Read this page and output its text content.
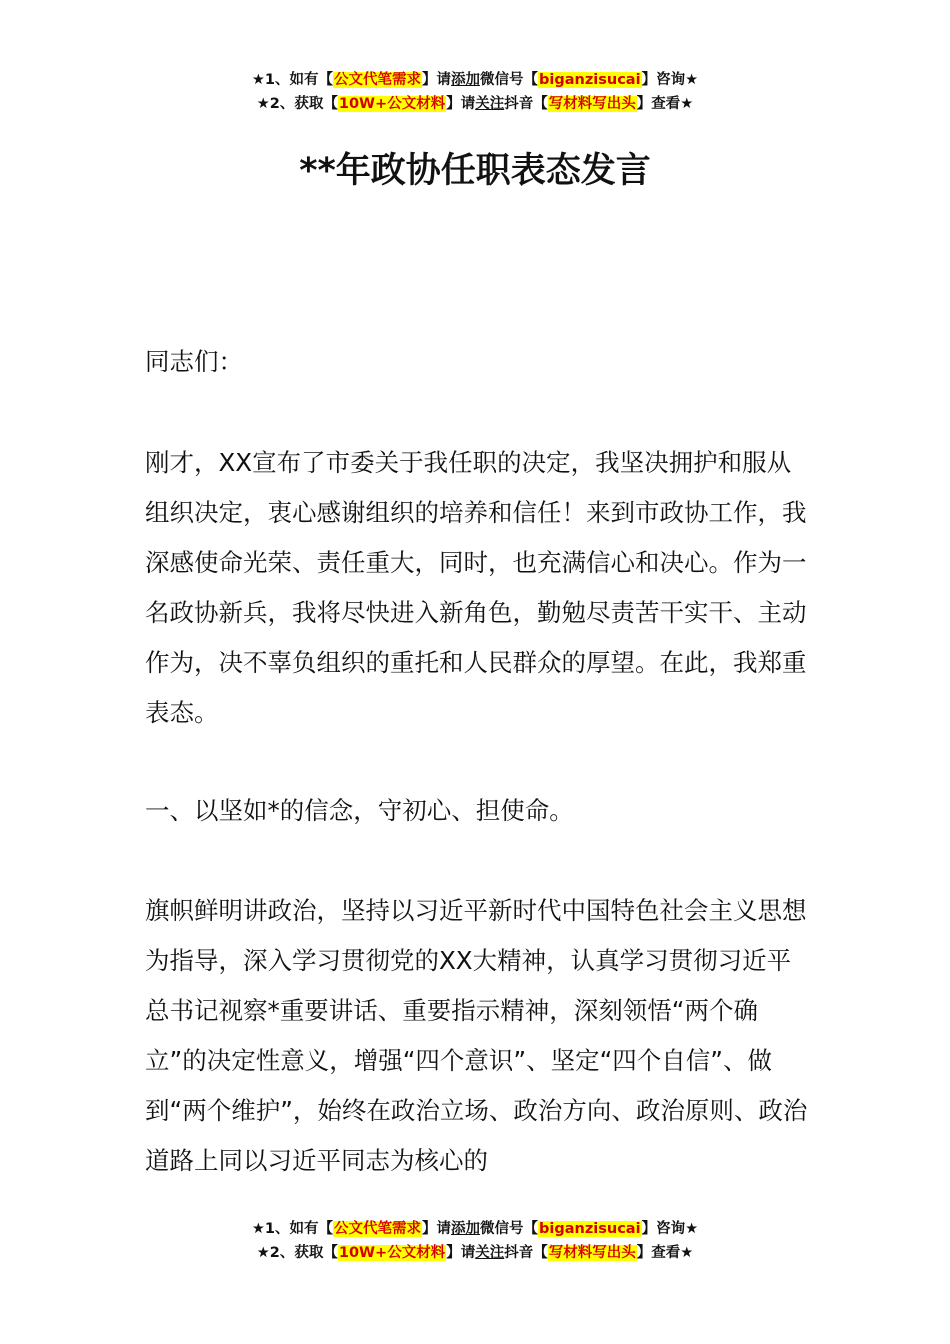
★1、如有【公文代笔需求】请添加微信号【biganzisucai】咨询★
★2、获取【10W+公文材料】请关注抖音【写材料写出头】查看★
**年政协任职表态发言

同志们：

刚才，XX宣布了市委关于我任职的决定，我坚决拥护和服从组织决定，衷心感谢组织的培养和信任！来到市政协工作，我深感使命光荣、责任重大，同时，也充满信心和决心。作为一名政协新兵，我将尽快进入新角色，勤勉尽责苦干实干、主动作为，决不辜负组织的重托和人民群众的厚望。在此，我郑重表态。

一、以坚如*的信念，守初心、担使命。

旗帜鲜明讲政治，坚持以习近平新时代中国特色社会主义思想为指导，深入学习贯彻党的XX大精神，认真学习贯彻习近平总书记视察*重要讲话、重要指示精神，深刻领悟“两个确立”的决定性意义，增强“四个意识”、坚定“四个自信”、做到“两个维护”，始终在政治立场、政治方向、政治原则、政治道路上同以习近平同志为核心的

★1、如有【公文代笔需求】请添加微信号【biganzisucai】咨询★
★2、获取【10W+公文材料】请关注抖音【写材料写出头】查看★
